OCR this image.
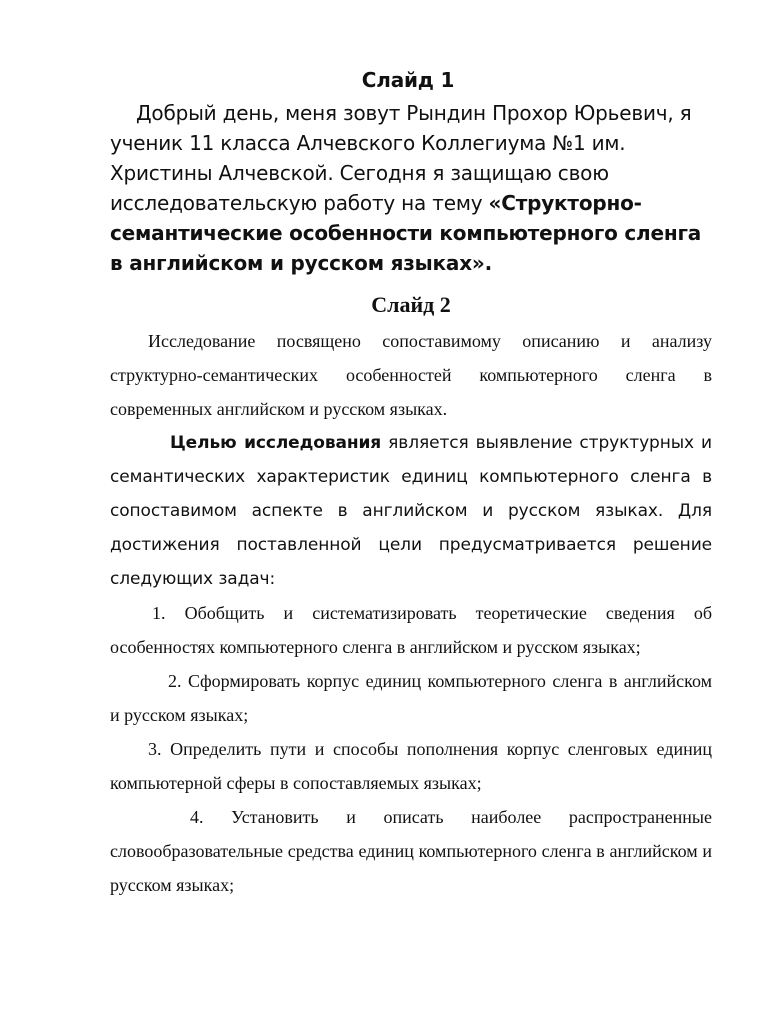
Слайд 1

Добрый день, меня зовут Рындин Прохор Юрьевич, я ученик 11 класса Алчевского Коллегиума №1 им. Христины Алчевской. Сегодня я защищаю свою исследовательскую работу на тему «Структорно-семантические особенности компьютерного сленга в английском и русском языках».

Слайд 2

Исследование посвящено сопоставимому описанию и анализу структурно-семантических особенностей компьютерного сленга в современных английском и русском языках.

Целью исследования является выявление структурных и семантических характеристик единиц компьютерного сленга в сопоставимом аспекте в английском и русском языках. Для достижения поставленной цели предусматривается решение следующих задач:

1. Обобщить и систематизировать теоретические сведения об особенностях компьютерного сленга в английском и русском языках;

2. Сформировать корпус единиц компьютерного сленга в английском и русском языках;

3. Определить пути и способы пополнения корпус сленговых единиц компьютерной сферы в сопоставляемых языках;

4. Установить и описать наиболее распространенные словообразовательные средства единиц компьютерного сленга в английском и русском языках;
